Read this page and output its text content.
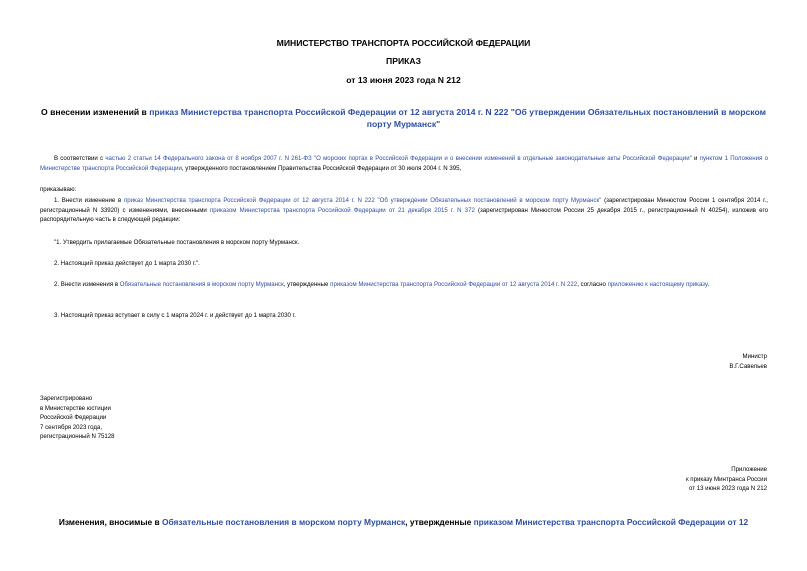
МИНИСТЕРСТВО ТРАНСПОРТА РОССИЙСКОЙ ФЕДЕРАЦИИ
ПРИКАЗ
от 13 июня 2023 года N 212
О внесении изменений в приказ Министерства транспорта Российской Федерации от 12 августа 2014 г. N 222 "Об утверждении Обязательных постановлений в морском порту Мурманск"
В соответствии с частью 2 статьи 14 Федерального закона от 8 ноября 2007 г. N 261-ФЗ "О морских портах в Российской Федерации и о внесении изменений в отдельные законодательные акты Российской Федерации" и пунктом 1 Положения о Министерстве транспорта Российской Федерации, утвержденного постановлением Правительства Российской Федерации от 30 июля 2004 г. N 395,
приказываю:
1. Внести изменение в приказ Министерства транспорта Российской Федерации от 12 августа 2014 г. N 222 "Об утверждении Обязательных постановлений в морском порту Мурманск" (зарегистрирован Минюстом России 1 сентября 2014 г., регистрационный N 33920) с изменениями, внесенными приказом Министерства транспорта Российской Федерации от 21 декабря 2015 г. N 372 (зарегистрирован Минюстом России 25 декабря 2015 г., регистрационный N 40254), изложив его распорядительную часть в следующей редакции:
"1. Утвердить прилагаемые Обязательные постановления в морском порту Мурманск.
2. Настоящий приказ действует до 1 марта 2030 г.".
2. Внести изменения в Обязательные постановления в морском порту Мурманск, утвержденные приказом Министерства транспорта Российской Федерации от 12 августа 2014 г. N 222, согласно приложению к настоящему приказу.
3. Настоящий приказ вступает в силу с 1 марта 2024 г. и действует до 1 марта 2030 г.
Министр
В.Г.Савельев
Зарегистрировано
в Министерстве юстиции
Российской Федерации
7 сентября 2023 года,
регистрационный N 75128
Приложение
к приказу Минтранса России
от 13 июня 2023 года N 212
Изменения, вносимые в Обязательные постановления в морском порту Мурманск, утвержденные приказом Министерства транспорта Российской Федерации от 12
